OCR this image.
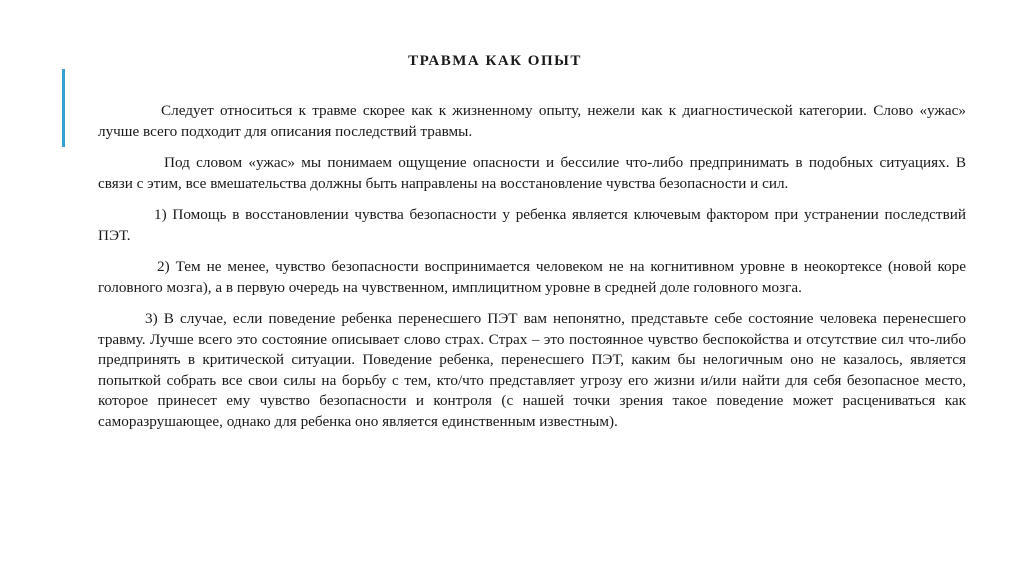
ТРАВМА КАК ОПЫТ

Следует относиться к травме скорее как к жизненному опыту, нежели как к диагностической категории. Слово «ужас» лучше всего подходит для описания последствий травмы.

Под словом «ужас» мы понимаем ощущение опасности и бессилие что-либо предпринимать в подобных ситуациях. В связи с этим, все вмешательства должны быть направлены на восстановление чувства безопасности и сил.

1) Помощь в восстановлении чувства безопасности у ребенка является ключевым фактором при устранении последствий ПЭТ.

2) Тем не менее, чувство безопасности воспринимается человеком не на когнитивном уровне в неокортексе (новой коре головного мозга), а в первую очередь на чувственном, имплицитном уровне в средней доле головного мозга.

3) В случае, если поведение ребенка перенесшего ПЭТ вам непонятно, представьте себе состояние человека перенесшего травму. Лучше всего это состояние описывает слово страх. Страх – это постоянное чувство беспокойства и отсутствие сил что-либо предпринять в критической ситуации. Поведение ребенка, перенесшего ПЭТ, каким бы нелогичным оно не казалось, является попыткой собрать все свои силы на борьбу с тем, кто/что представляет угрозу его жизни и/или найти для себя безопасное место, которое принесет ему чувство безопасности и контроля (с нашей точки зрения такое поведение может расцениваться как саморазрушающее, однако для ребенка оно является единственным известным).
